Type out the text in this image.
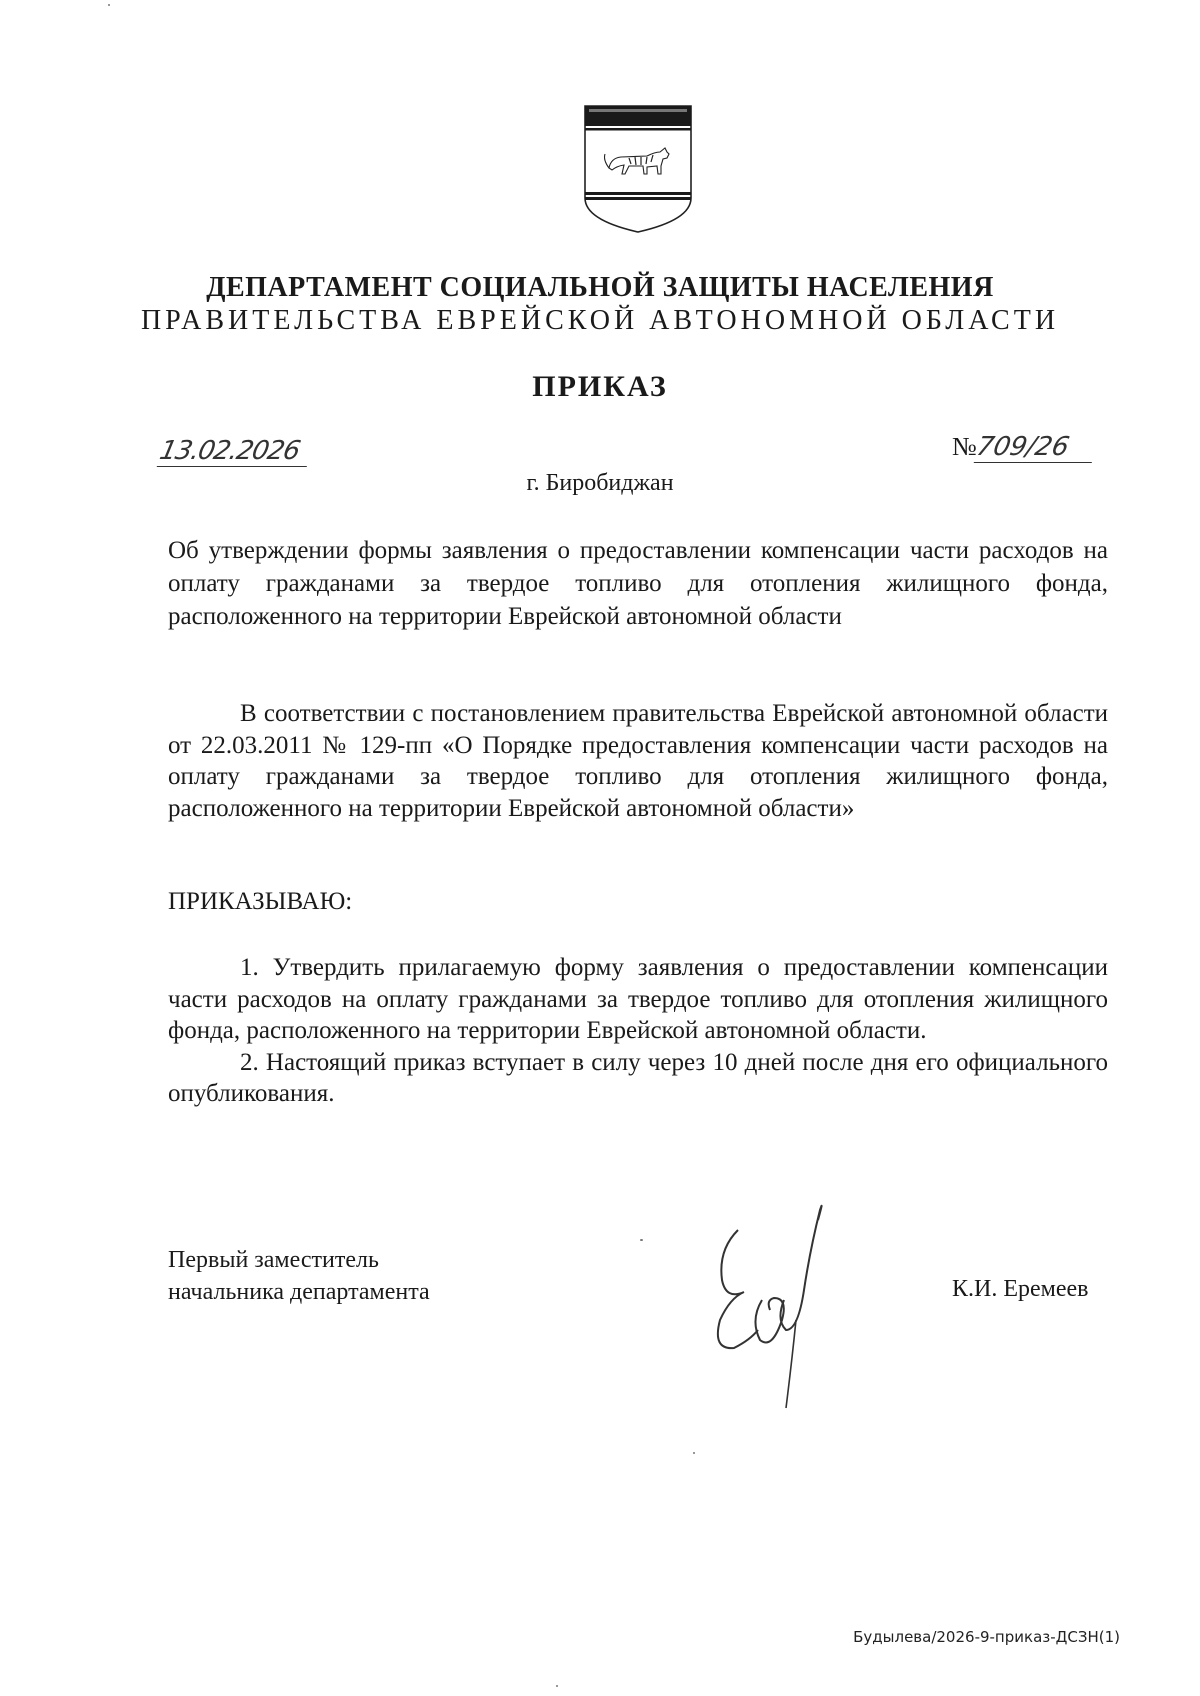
ДЕПАРТАМЕНТ СОЦИАЛЬНОЙ ЗАЩИТЫ НАСЕЛЕНИЯ
ПРАВИТЕЛЬСТВА ЕВРЕЙСКОЙ АВТОНОМНОЙ ОБЛАСТИ
ПРИКАЗ
13.02.2026	№709/26
г. Биробиджан
Об утверждении формы заявления о предоставлении компенсации части расходов на оплату гражданами за твердое топливо для отопления жилищного фонда, расположенного на территории Еврейской автономной области

В соответствии с постановлением правительства Еврейской автономной области от 22.03.2011 № 129-пп «О Порядке предоставления компенсации части расходов на оплату гражданами за твердое топливо для отопления жилищного фонда, расположенного на территории Еврейской автономной области»

ПРИКАЗЫВАЮ:

1. Утвердить прилагаемую форму заявления о предоставлении компенсации части расходов на оплату гражданами за твердое топливо для отопления жилищного фонда, расположенного на территории Еврейской автономной области.

2. Настоящий приказ вступает в силу через 10 дней после дня его официального опубликования.

Первый заместитель
начальника департамента	К.И. Еремеев
Будылева/2026-9-приказ-ДСЗН(1)
